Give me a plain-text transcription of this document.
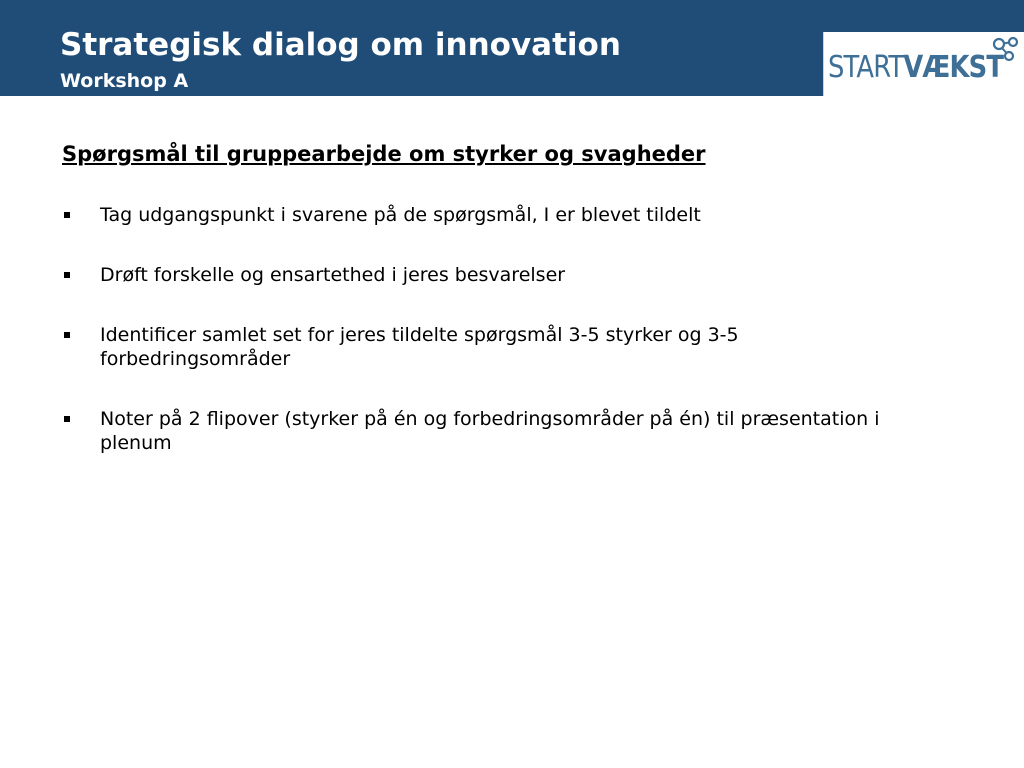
Strategisk dialog om innovation
Workshop A	STARTVÆKST
Spørgsmål til gruppearbejde om styrker og svagheder
Tag udgangspunkt i svarene på de spørgsmål, I er blevet tildelt
Drøft forskelle og ensartethed i jeres besvarelser
Identificer samlet set for jeres tildelte spørgsmål 3-5 styrker og 3-5 forbedringsområder
Noter på 2 flipover (styrker på én og forbedringsområder på én) til præsentation i plenum
